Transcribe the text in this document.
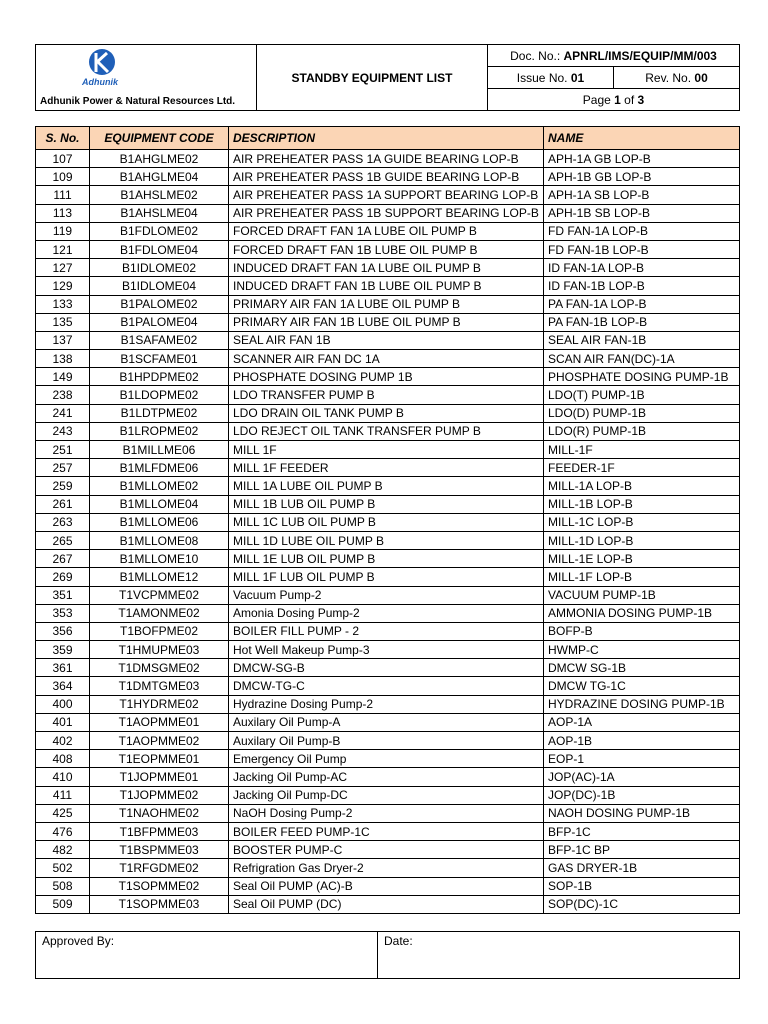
Adhunik
Adhunik Power & Natural Resources Ltd.	STANDBY EQUIPMENT LIST	Doc. No.: APNRL/IMS/EQUIP/MM/003	
		Issue No. 01	Rev. No. 00
		Page 1 of 3	
S. No.	EQUIPMENT CODE	DESCRIPTION	NAME
107	B1AHGLME02	AIR PREHEATER PASS 1A GUIDE BEARING LOP-B	APH-1A GB LOP-B
109	B1AHGLME04	AIR PREHEATER PASS 1B GUIDE BEARING LOP-B	APH-1B GB LOP-B
111	B1AHSLME02	AIR PREHEATER PASS 1A SUPPORT BEARING LOP-B	APH-1A SB LOP-B
113	B1AHSLME04	AIR PREHEATER PASS 1B SUPPORT BEARING LOP-B	APH-1B SB LOP-B
119	B1FDLOME02	FORCED DRAFT FAN 1A LUBE OIL PUMP B	FD FAN-1A LOP-B
121	B1FDLOME04	FORCED DRAFT FAN 1B LUBE OIL PUMP B	FD FAN-1B LOP-B
127	B1IDLOME02	INDUCED DRAFT FAN 1A LUBE OIL PUMP B	ID FAN-1A LOP-B
129	B1IDLOME04	INDUCED DRAFT FAN 1B LUBE OIL PUMP B	ID FAN-1B LOP-B
133	B1PALOME02	PRIMARY AIR FAN 1A LUBE OIL PUMP B	PA FAN-1A LOP-B
135	B1PALOME04	PRIMARY AIR FAN 1B LUBE OIL PUMP B	PA FAN-1B LOP-B
137	B1SAFAME02	SEAL AIR FAN 1B	SEAL AIR FAN-1B
138	B1SCFAME01	SCANNER AIR FAN DC 1A	SCAN AIR FAN(DC)-1A
149	B1HPDPME02	PHOSPHATE DOSING PUMP 1B	PHOSPHATE DOSING PUMP-1B
238	B1LDOPME02	LDO TRANSFER PUMP B	LDO(T) PUMP-1B
241	B1LDTPME02	LDO DRAIN OIL TANK PUMP B	LDO(D) PUMP-1B
243	B1LROPME02	LDO REJECT OIL TANK TRANSFER PUMP B	LDO(R) PUMP-1B
251	B1MILLME06	MILL 1F	MILL-1F
257	B1MLFDME06	MILL 1F FEEDER	FEEDER-1F
259	B1MLLOME02	MILL 1A LUBE OIL PUMP B	MILL-1A LOP-B
261	B1MLLOME04	MILL 1B LUB OIL PUMP B	MILL-1B LOP-B
263	B1MLLOME06	MILL 1C LUB OIL PUMP B	MILL-1C LOP-B
265	B1MLLOME08	MILL 1D LUBE OIL PUMP B	MILL-1D LOP-B
267	B1MLLOME10	MILL 1E LUB OIL PUMP B	MILL-1E LOP-B
269	B1MLLOME12	MILL 1F LUB OIL PUMP B	MILL-1F LOP-B
351	T1VCPMME02	Vacuum Pump-2	VACUUM PUMP-1B
353	T1AMONME02	Amonia Dosing Pump-2	AMMONIA DOSING PUMP-1B
356	T1BOFPME02	BOILER FILL PUMP - 2	BOFP-B
359	T1HMUPME03	Hot Well Makeup Pump-3	HWMP-C
361	T1DMSGME02	DMCW-SG-B	DMCW SG-1B
364	T1DMTGME03	DMCW-TG-C	DMCW TG-1C
400	T1HYDRME02	Hydrazine Dosing Pump-2	HYDRAZINE DOSING PUMP-1B
401	T1AOPMME01	Auxilary Oil Pump-A	AOP-1A
402	T1AOPMME02	Auxilary Oil Pump-B	AOP-1B
408	T1EOPMME01	Emergency Oil Pump	EOP-1
410	T1JOPMME01	Jacking Oil Pump-AC	JOP(AC)-1A
411	T1JOPMME02	Jacking Oil Pump-DC	JOP(DC)-1B
425	T1NAOHME02	NaOH Dosing Pump-2	NAOH DOSING PUMP-1B
476	T1BFPMME03	BOILER FEED PUMP-1C	BFP-1C
482	T1BSPMME03	BOOSTER PUMP-C	BFP-1C BP
502	T1RFGDME02	Refrigration Gas Dryer-2	GAS DRYER-1B
508	T1SOPMME02	Seal Oil PUMP (AC)-B	SOP-1B
509	T1SOPMME03	Seal Oil PUMP (DC)	SOP(DC)-1C
Approved By:	Date:
